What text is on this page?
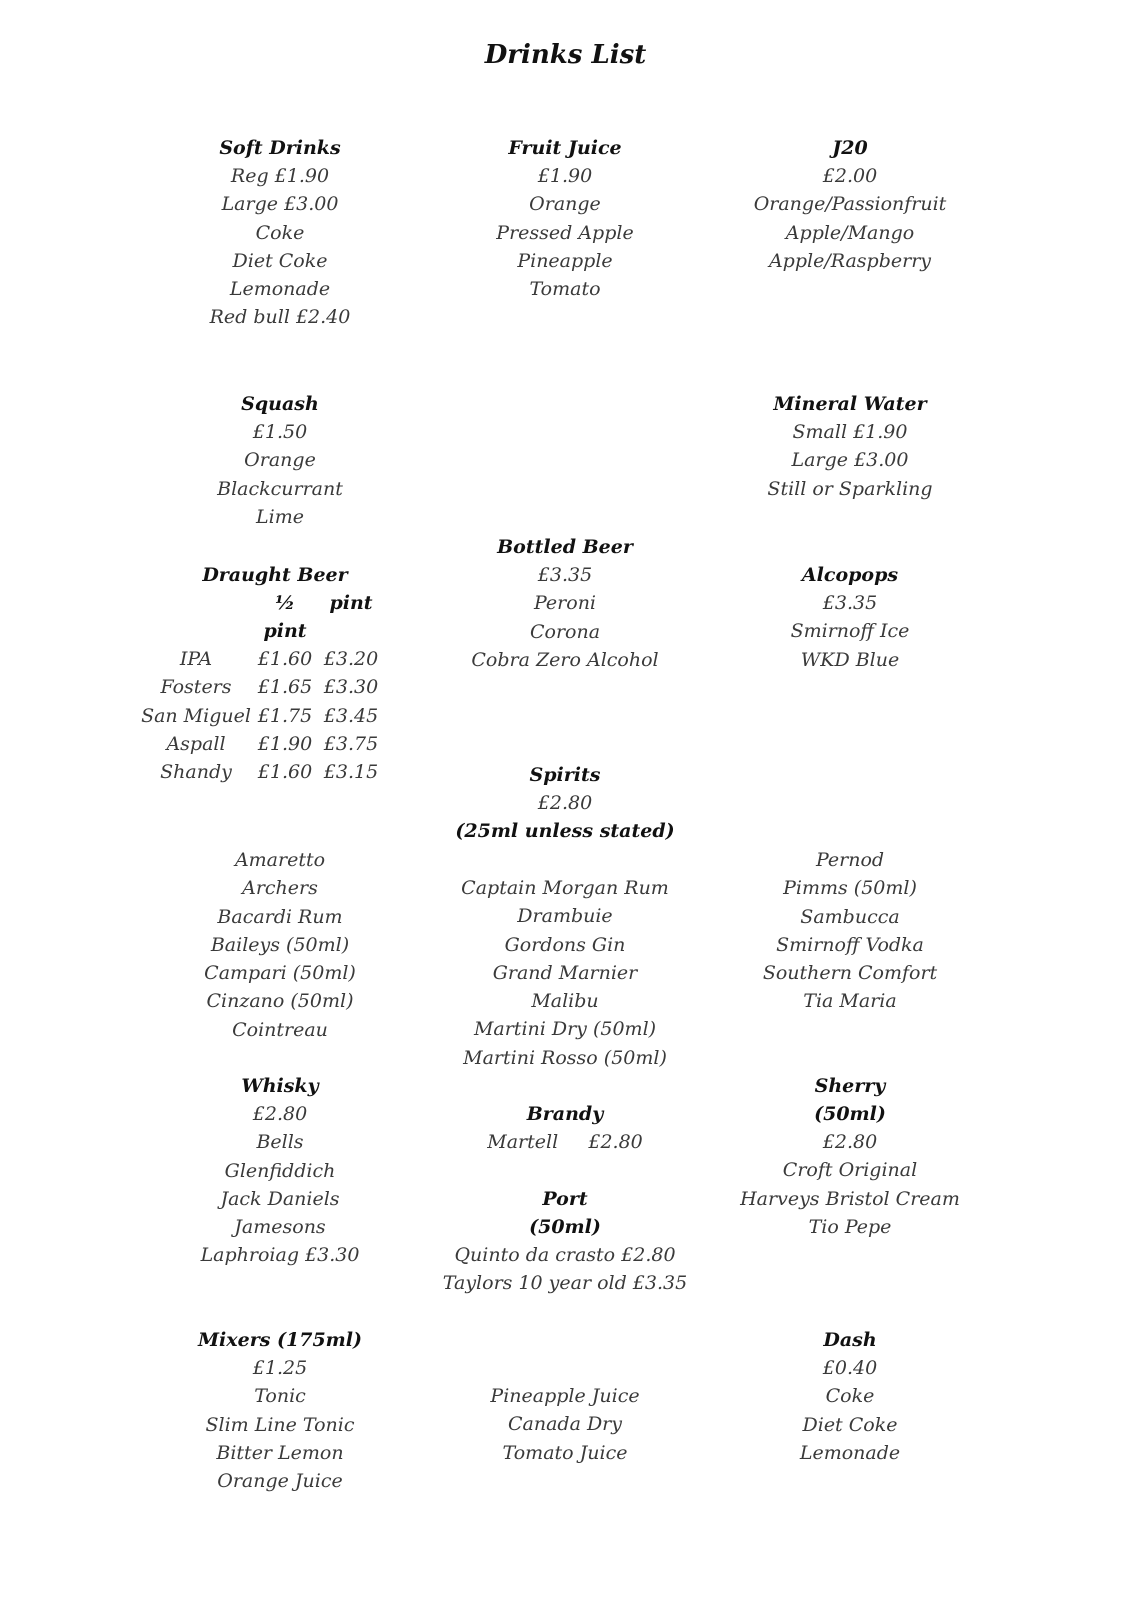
Drinks List
Soft Drinks
Reg £1.90
Large £3.00
Coke
Diet Coke
Lemonade
Red bull £2.40
Fruit Juice
£1.90
Orange
Pressed Apple
Pineapple
Tomato
J20
£2.00
Orange/Passionfruit
Apple/Mango
Apple/Raspberry
Squash
£1.50
Orange
Blackcurrant
Lime
Mineral Water
Small £1.90
Large £3.00
Still or Sparkling
Bottled Beer
£3.35
Peroni
Corona
Cobra Zero Alcohol
Draught Beer
½ pint
pint
IPA	£1.60 £3.20
Fosters	£1.65 £3.30
San Miguel £1.75 £3.45
Aspall	£1.90 £3.75
Shandy	£1.60 £3.15
Alcopops
£3.35
Smirnoff Ice
WKD Blue
Spirits
£2.80
(25ml unless stated)
Amaretto
Archers
Bacardi Rum
Baileys (50ml)
Campari (50ml)
Cinzano (50ml)
Cointreau
Captain Morgan Rum
Drambuie
Gordons Gin
Grand Marnier
Malibu
Martini Dry (50ml)
Martini Rosso (50ml)
Pernod
Pimms (50ml)
Sambucca
Smirnoff Vodka
Southern Comfort
Tia Maria
Whisky
£2.80
Bells
Glenfiddich
Jack Daniels
Jamesons
Laphroiag £3.30
Brandy
Martell £2.80
Port
(50ml)
Quinto da crasto £2.80
Taylors 10 year old £3.35
Sherry
(50ml)
£2.80
Croft Original
Harveys Bristol Cream
Tio Pepe
Mixers (175ml)
£1.25
Tonic
Slim Line Tonic
Bitter Lemon
Orange Juice
Pineapple Juice
Canada Dry
Tomato Juice
Dash
£0.40
Coke
Diet Coke
Lemonade
